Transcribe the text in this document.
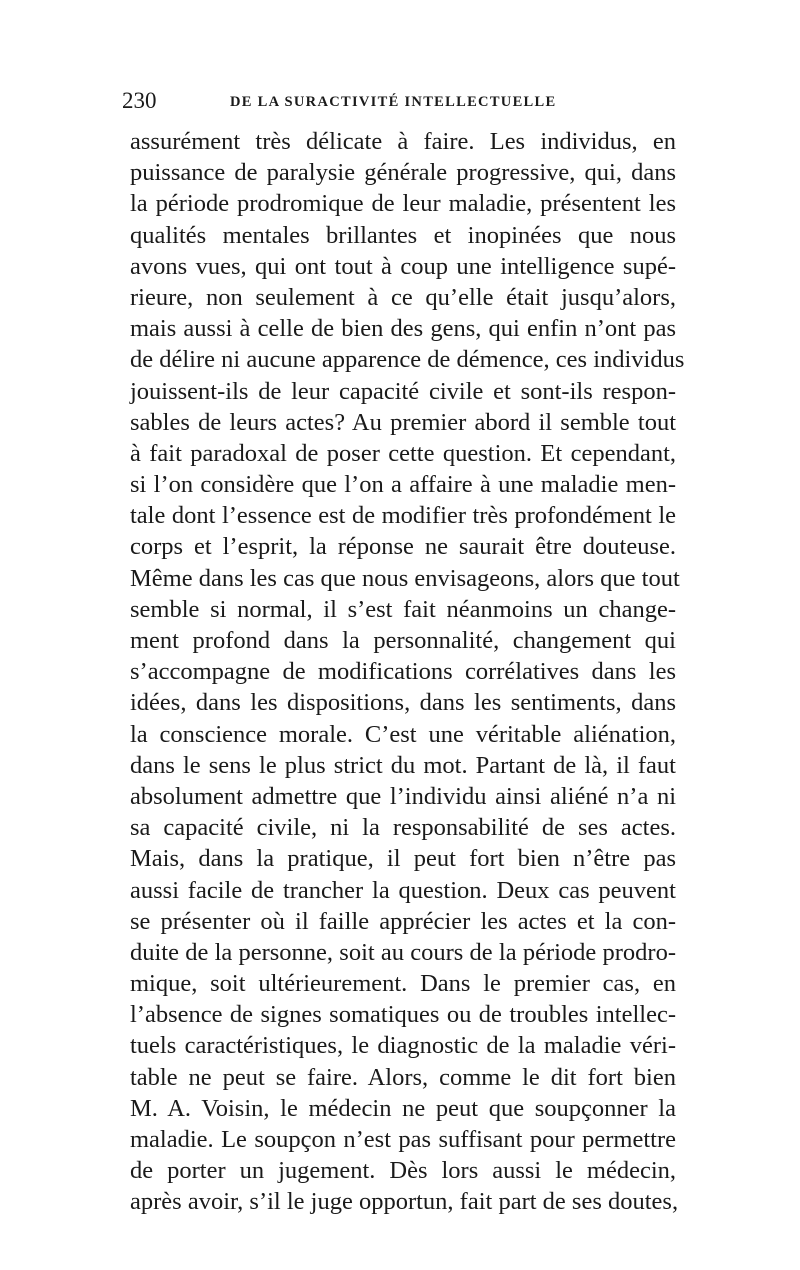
230	DE LA SURACTIVITÉ INTELLECTUELLE
assurément très délicate à faire. Les individus, en
puissance de paralysie générale progressive, qui, dans
la période prodromique de leur maladie, présentent les
qualités mentales brillantes et inopinées que nous
avons vues, qui ont tout à coup une intelligence supé-
rieure, non seulement à ce qu’elle était jusqu’alors,
mais aussi à celle de bien des gens, qui enfin n’ont pas
de délire ni aucune apparence de démence, ces individus
jouissent-ils de leur capacité civile et sont-ils respon-
sables de leurs actes? Au premier abord il semble tout
à fait paradoxal de poser cette question. Et cependant,
si l’on considère que l’on a affaire à une maladie men-
tale dont l’essence est de modifier très profondément le
corps et l’esprit, la réponse ne saurait être douteuse.
Même dans les cas que nous envisageons, alors que tout
semble si normal, il s’est fait néanmoins un change-
ment profond dans la personnalité, changement qui
s’accompagne de modifications corrélatives dans les
idées, dans les dispositions, dans les sentiments, dans
la conscience morale. C’est une véritable aliénation,
dans le sens le plus strict du mot. Partant de là, il faut
absolument admettre que l’individu ainsi aliéné n’a ni
sa capacité civile, ni la responsabilité de ses actes.
Mais, dans la pratique, il peut fort bien n’être pas
aussi facile de trancher la question. Deux cas peuvent
se présenter où il faille apprécier les actes et la con-
duite de la personne, soit au cours de la période prodro-
mique, soit ultérieurement. Dans le premier cas, en
l’absence de signes somatiques ou de troubles intellec-
tuels caractéristiques, le diagnostic de la maladie véri-
table ne peut se faire. Alors, comme le dit fort bien
M. A. Voisin, le médecin ne peut que soupçonner la
maladie. Le soupçon n’est pas suffisant pour permettre
de porter un jugement. Dès lors aussi le médecin,
après avoir, s’il le juge opportun, fait part de ses doutes,
